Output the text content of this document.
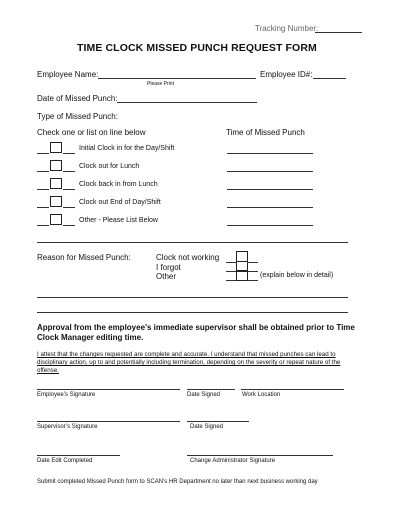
Tracking Number:
TIME CLOCK MISSED PUNCH REQUEST FORM
Employee Name:
Please Print
Employee ID#:
Date of Missed Punch:
Type of Missed Punch:
Check one or list on line below	Time of Missed Punch
Initial Clock in for the Day/Shift
Clock out for Lunch
Clock back in from Lunch
Clock out End of Day/Shift
Other - Please List Below
Reason for Missed Punch:	Clock not working
I forgot
Other	(explain below in detail)
Approval from the employee’s immediate supervisor shall be obtained prior to Time Clock Manager editing time.
I attest that the changes requested are complete and accurate. I understand that missed punches can lead to disciplinary action, up to and potentially including termination, depending on the severity or repeat nature of the offense.
Employee’s Signature	Date Signed	Work Location
Supervisor’s Signature	Date Signed
Date Edit Completed	Change Administrator Signature
Submit completed Missed Punch form to SCAN’s HR Department no later than next business working day
